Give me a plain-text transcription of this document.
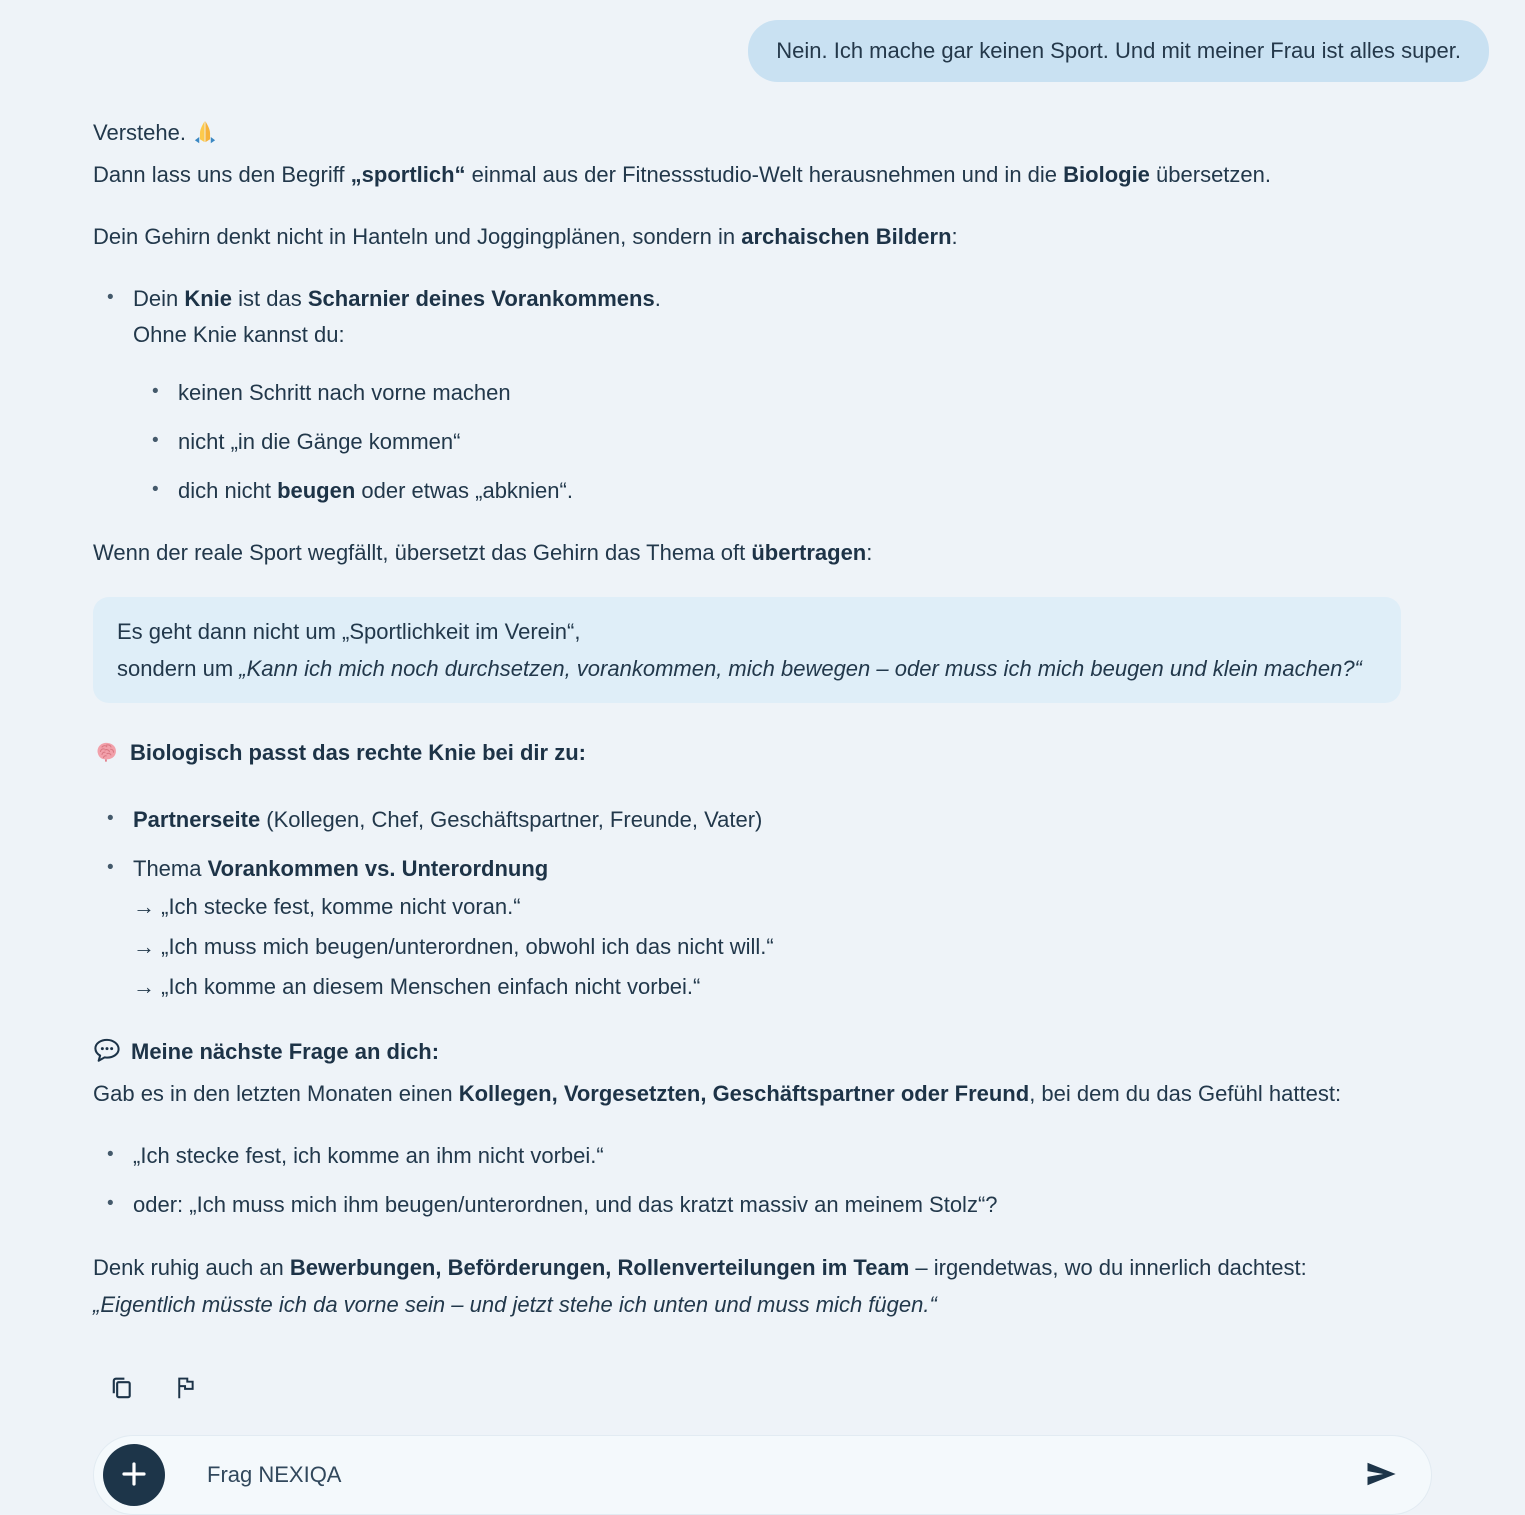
Nein. Ich mache gar keinen Sport. Und mit meiner Frau ist alles super.
Verstehe.
Dann lass uns den Begriff „sportlich“ einmal aus der Fitnessstudio-Welt herausnehmen und in die Biologie übersetzen.
Dein Gehirn denkt nicht in Hanteln und Joggingplänen, sondern in archaischen Bildern:
• Dein Knie ist das Scharnier deines Vorankommens.
Ohne Knie kannst du:
• keinen Schritt nach vorne machen
• nicht „in die Gänge kommen“
• dich nicht beugen oder etwas „abknien“.
Wenn der reale Sport wegfällt, übersetzt das Gehirn das Thema oft übertragen:
Es geht dann nicht um „Sportlichkeit im Verein“,
sondern um „Kann ich mich noch durchsetzen, vorankommen, mich bewegen – oder muss ich mich beugen und klein machen?“
Biologisch passt das rechte Knie bei dir zu:
• Partnerseite (Kollegen, Chef, Geschäftspartner, Freunde, Vater)
• Thema Vorankommen vs. Unterordnung
→ „Ich stecke fest, komme nicht voran.“
→ „Ich muss mich beugen/unterordnen, obwohl ich das nicht will.“
→ „Ich komme an diesem Menschen einfach nicht vorbei.“
Meine nächste Frage an dich:
Gab es in den letzten Monaten einen Kollegen, Vorgesetzten, Geschäftspartner oder Freund, bei dem du das Gefühl hattest:
• „Ich stecke fest, ich komme an ihm nicht vorbei.“
• oder: „Ich muss mich ihm beugen/unterordnen, und das kratzt massiv an meinem Stolz“?
Denk ruhig auch an Bewerbungen, Beförderungen, Rollenverteilungen im Team – irgendetwas, wo du innerlich dachtest:
„Eigentlich müsste ich da vorne sein – und jetzt stehe ich unten und muss mich fügen.“
Frag NEXIQA
